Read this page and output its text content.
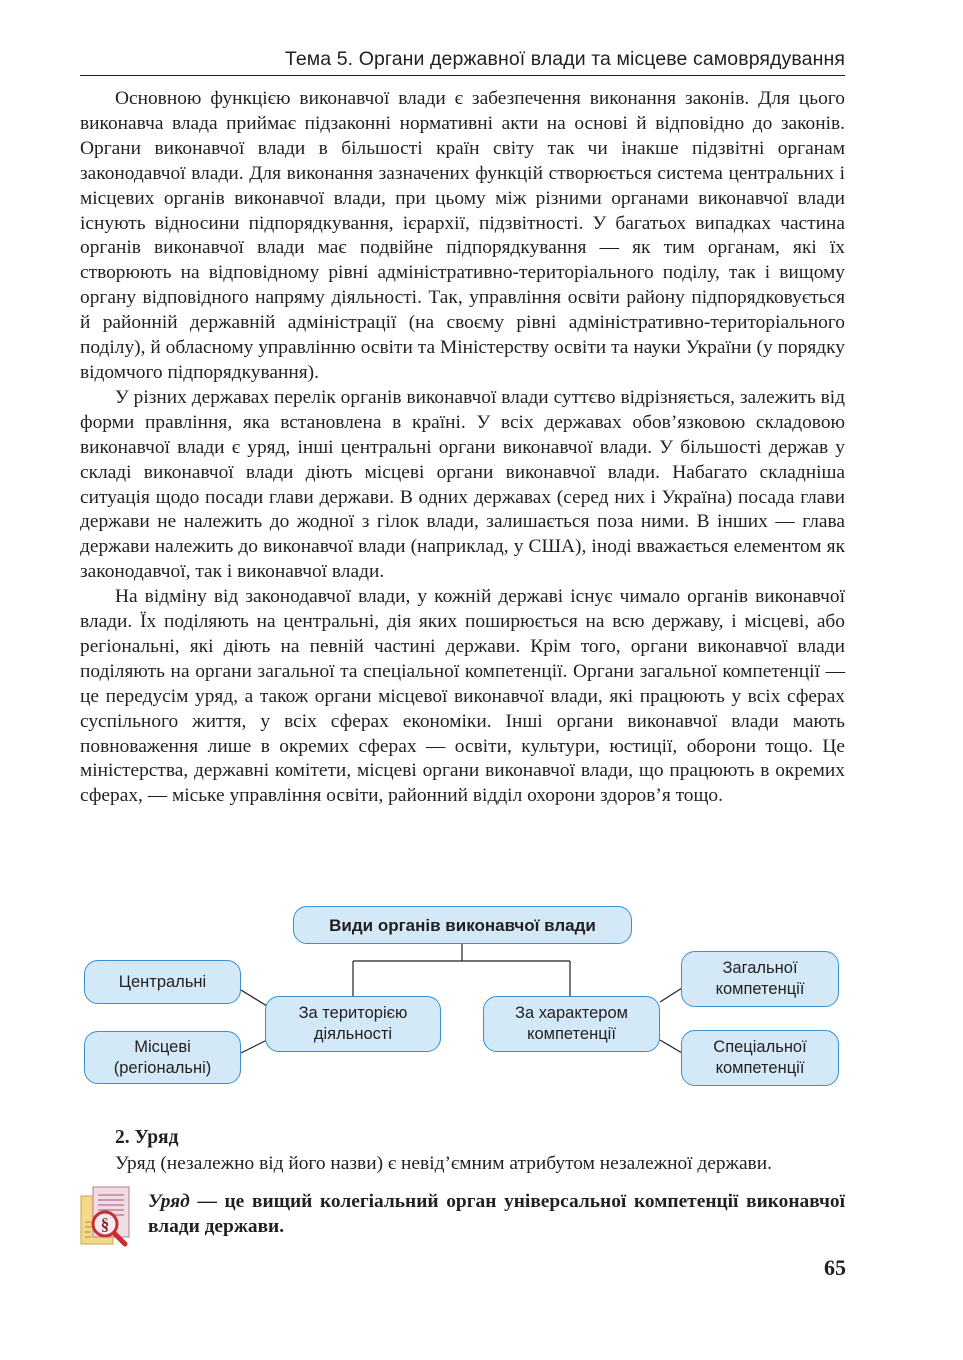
Тема 5. Органи державної влади та місцеве самоврядування

Основною функцією виконавчої влади є забезпечення виконання законів. Для цього виконавча влада приймає підзаконні нормативні акти на основі й відповідно до законів. Органи виконавчої влади в більшості країн світу так чи інакше підзвітні органам законодавчої влади. Для виконання зазначених функцій створюється система центральних і місцевих органів виконавчої влади, при цьому між різними органами виконавчої влади існують відносини підпорядкування, ієрархії, підзвітності. У багатьох випадках частина органів виконавчої влади має подвійне підпорядкування — як тим органам, які їх створюють на відповідному рівні адміністративно-територіального поділу, так і вищому органу відповідного напряму діяльності. Так, управління освіти району підпорядковується й районній державній адміністрації (на своєму рівні адміністративно-територіального поділу), й обласному управлінню освіти та Міністерству освіти та науки України (у порядку відомчого підпорядкування).

У різних державах перелік органів виконавчої влади суттєво відрізняється, залежить від форми правління, яка встановлена в країні. У всіх державах обов’язковою складовою виконавчої влади є уряд, інші центральні органи виконавчої влади. У більшості держав у складі виконавчої влади діють місцеві органи виконавчої влади. Набагато складніша ситуація щодо посади глави держави. В одних державах (серед них і Україна) посада глави держави не належить до жодної з гілок влади, залишається поза ними. В інших — глава держави належить до виконавчої влади (наприклад, у США), іноді вважається елементом як законодавчої, так і виконавчої влади.

На відміну від законодавчої влади, у кожній державі існує чимало органів виконавчої влади. Їх поділяють на центральні, дія яких поширюється на всю державу, і місцеві, або регіональні, які діють на певній частині держави. Крім того, органи виконавчої влади поділяють на органи загальної та спеціальної компетенції. Органи загальної компетенції — це передусім уряд, а також органи місцевої виконавчої влади, які працюють у всіх сферах суспільного життя, у всіх сферах економіки. Інші органи виконавчої влади мають повноваження лише в окремих сферах — освіти, культури, юстиції, оборони тощо. Це міністерства, державні комітети, місцеві органи виконавчої влади, що працюють в окремих сферах, — міське управління освіти, районний відділ охорони здоров’я тощо.

Види органів виконавчої влади
Центральні
Місцеві
(регіональні)
За територією
діяльності
За характером
компетенції
Загальної
компетенції
Спеціальної
компетенції
2. Уряд
Уряд (незалежно від його назви) є невід’ємним атрибутом незалежної держави.
§
Уряд — це вищий колегіальний орган універсальної компетенції виконавчої влади держави.
65
